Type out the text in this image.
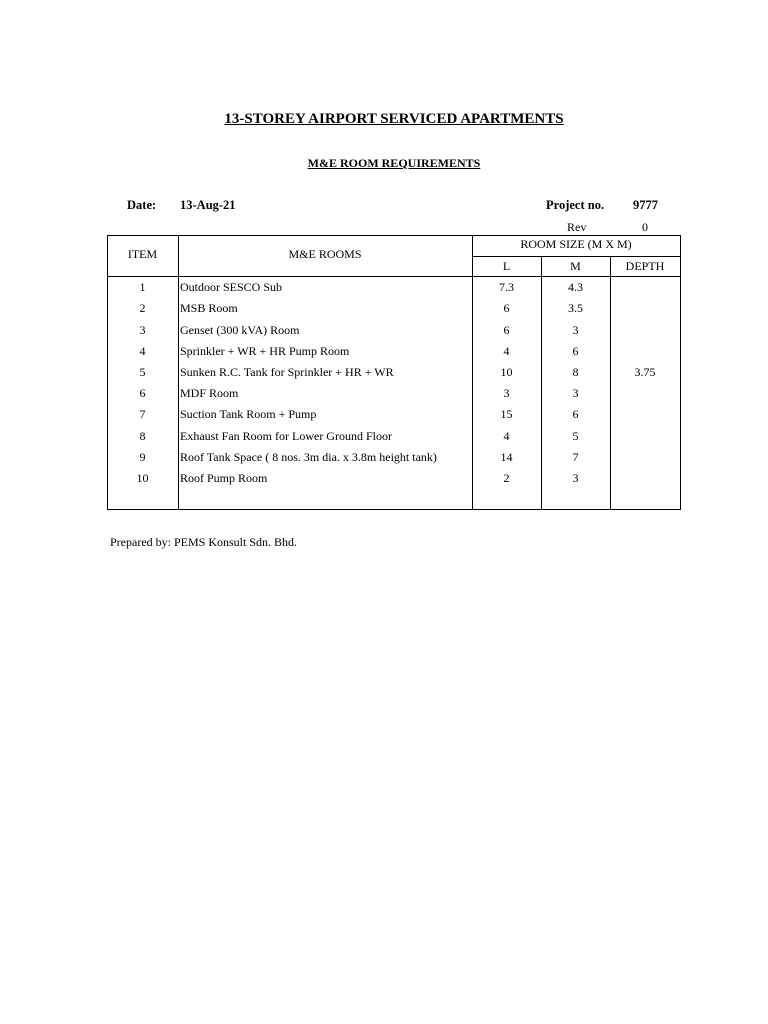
13-STOREY AIRPORT SERVICED APARTMENTS
M&E ROOM REQUIREMENTS
Date: 13-Aug-21	Project no. 9777
Rev	0
ITEM	M&E ROOMS
ROOM SIZE (M X M)
L	M	DEPTH
1	Outdoor SESCO Sub	7.3	4.3
2	MSB Room	6	3.5
3	Genset (300 kVA) Room	6	3
4	Sprinkler + WR + HR Pump Room	4	6
5	Sunken R.C. Tank for Sprinkler + HR + WR	10	8	3.75
6	MDF Room	3	3
7	Suction Tank Room + Pump	15	6
8	Exhaust Fan Room for Lower Ground Floor	4	5
9	Roof Tank Space ( 8 nos. 3m dia. x 3.8m height tank)	14	7
10	Roof Pump Room	2	3
Prepared by: PEMS Konsult Sdn. Bhd.
